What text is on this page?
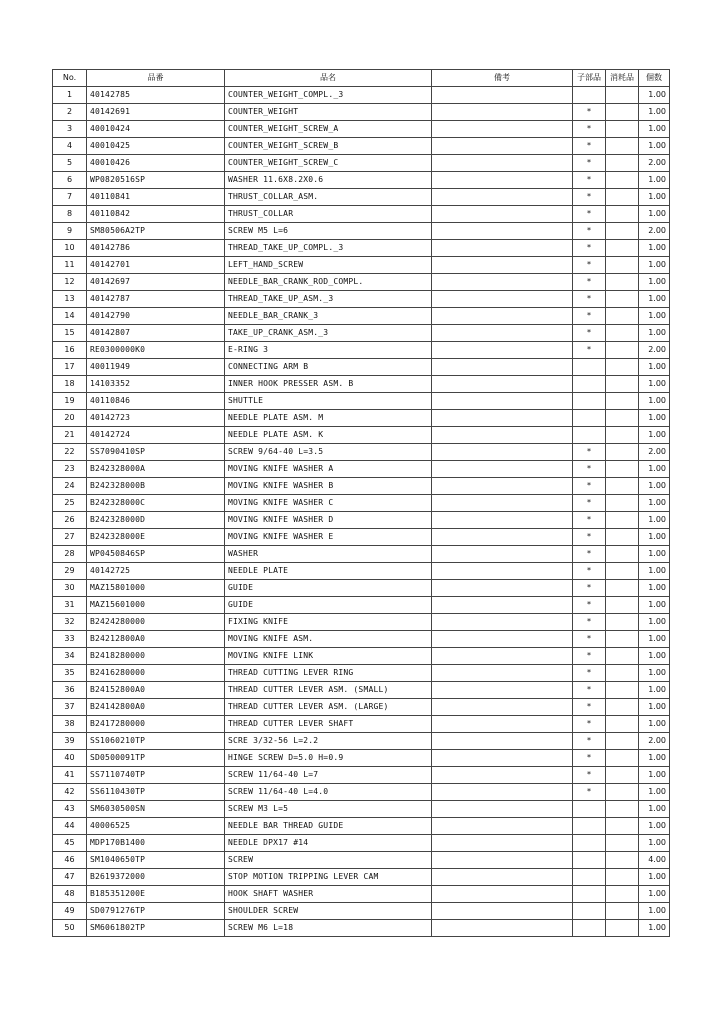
No.	品番	品名	備考	子部品	消耗品	個数
1	40142785	COUNTER_WEIGHT_COMPL._3				1.00
2	40142691	COUNTER_WEIGHT		*		1.00
3	40010424	COUNTER_WEIGHT_SCREW_A		*		1.00
4	40010425	COUNTER_WEIGHT_SCREW_B		*		1.00
5	40010426	COUNTER_WEIGHT_SCREW_C		*		2.00
6	WP0820516SP	WASHER 11.6X8.2X0.6		*		1.00
7	40110841	THRUST_COLLAR_ASM.		*		1.00
8	40110842	THRUST_COLLAR		*		1.00
9	SM80506A2TP	SCREW M5 L=6		*		2.00
10	40142786	THREAD_TAKE_UP_COMPL._3		*		1.00
11	40142701	LEFT_HAND_SCREW		*		1.00
12	40142697	NEEDLE_BAR_CRANK_ROD_COMPL.		*		1.00
13	40142787	THREAD_TAKE_UP_ASM._3		*		1.00
14	40142790	NEEDLE_BAR_CRANK_3		*		1.00
15	40142807	TAKE_UP_CRANK_ASM._3		*		1.00
16	RE0300000K0	E-RING 3		*		2.00
17	40011949	CONNECTING ARM B				1.00
18	14103352	INNER HOOK PRESSER ASM. B				1.00
19	40110846	SHUTTLE				1.00
20	40142723	NEEDLE PLATE ASM. M				1.00
21	40142724	NEEDLE PLATE ASM. K				1.00
22	SS7090410SP	SCREW 9/64-40 L=3.5		*		2.00
23	B242328000A	MOVING KNIFE WASHER A		*		1.00
24	B242328000B	MOVING KNIFE WASHER B		*		1.00
25	B242328000C	MOVING KNIFE WASHER C		*		1.00
26	B242328000D	MOVING KNIFE WASHER D		*		1.00
27	B242328000E	MOVING KNIFE WASHER E		*		1.00
28	WP0450846SP	WASHER		*		1.00
29	40142725	NEEDLE PLATE		*		1.00
30	MAZ15801000	GUIDE		*		1.00
31	MAZ15601000	GUIDE		*		1.00
32	B2424280000	FIXING KNIFE		*		1.00
33	B24212800A0	MOVING KNIFE ASM.		*		1.00
34	B2418280000	MOVING KNIFE LINK		*		1.00
35	B2416280000	THREAD CUTTING LEVER RING		*		1.00
36	B24152800A0	THREAD CUTTER LEVER ASM. (SMALL)		*		1.00
37	B24142800A0	THREAD CUTTER LEVER ASM. (LARGE)		*		1.00
38	B2417280000	THREAD CUTTER LEVER SHAFT		*		1.00
39	SS1060210TP	SCRE 3/32-56 L=2.2		*		2.00
40	SD0500091TP	HINGE SCREW D=5.0 H=0.9		*		1.00
41	SS7110740TP	SCREW 11/64-40 L=7		*		1.00
42	SS6110430TP	SCREW 11/64-40 L=4.0		*		1.00
43	SM6030500SN	SCREW M3 L=5				1.00
44	40006525	NEEDLE BAR THREAD GUIDE				1.00
45	MDP170B1400	NEEDLE DPX17 #14				1.00
46	SM1040650TP	SCREW				4.00
47	B2619372000	STOP MOTION TRIPPING LEVER CAM				1.00
48	B185351200E	HOOK SHAFT WASHER				1.00
49	SD0791276TP	SHOULDER SCREW				1.00
50	SM6061802TP	SCREW M6 L=18				1.00
